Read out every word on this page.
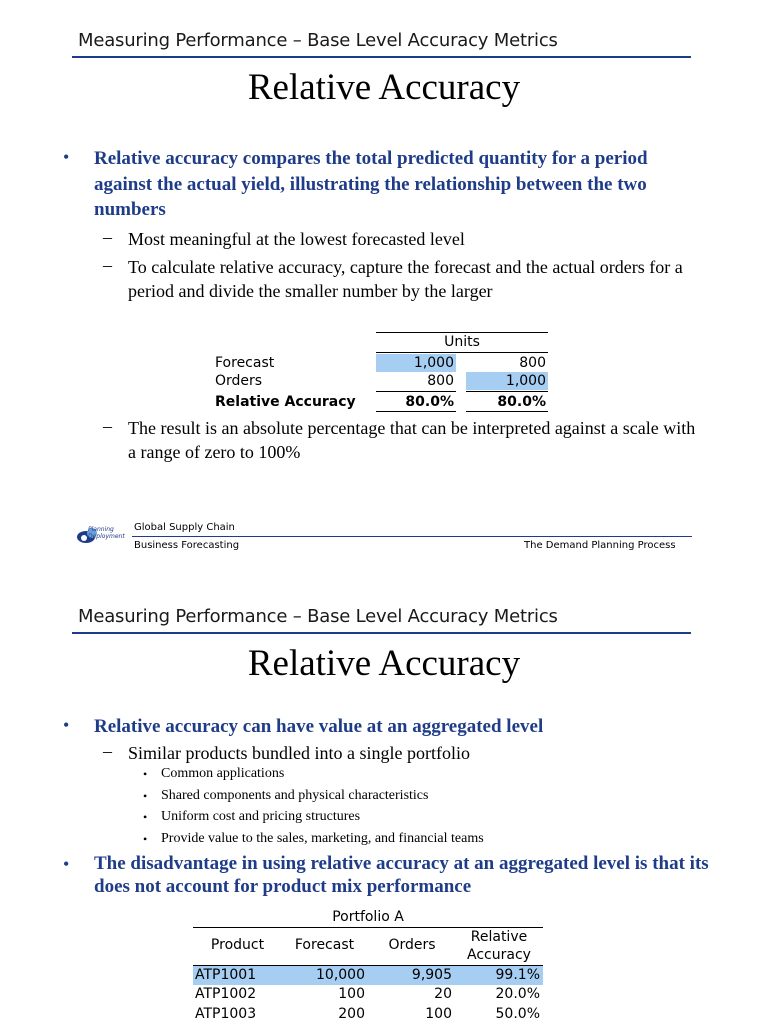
Measuring Performance – Base Level Accuracy Metrics
Relative Accuracy
• Relative accuracy compares the total predicted quantity for a period against the actual yield, illustrating the relationship between the two numbers
– Most meaningful at the lowest forecasted level
– To calculate relative accuracy, capture the forecast and the actual orders for a period and divide the smaller number by the larger
Units
Forecast	1,000	800
Orders	800	1,000
Relative Accuracy	80.0%	80.0%
– The result is an absolute percentage that can be interpreted against a scale with a range of zero to 100%
Planning
Deployment
Global Supply Chain
Business Forecasting	The Demand Planning Process
Measuring Performance – Base Level Accuracy Metrics
Relative Accuracy
• Relative accuracy can have value at an aggregated level
– Similar products bundled into a single portfolio
• Common applications
• Shared components and physical characteristics
• Uniform cost and pricing structures
• Provide value to the sales, marketing, and financial teams
• The disadvantage in using relative accuracy at an aggregated level is that its does not account for product mix performance
Portfolio A
Product	Forecast	Orders	Relative
Accuracy
ATP1001	10,000	9,905	99.1%
ATP1002	100	20	20.0%
ATP1003	200	100	50.0%
